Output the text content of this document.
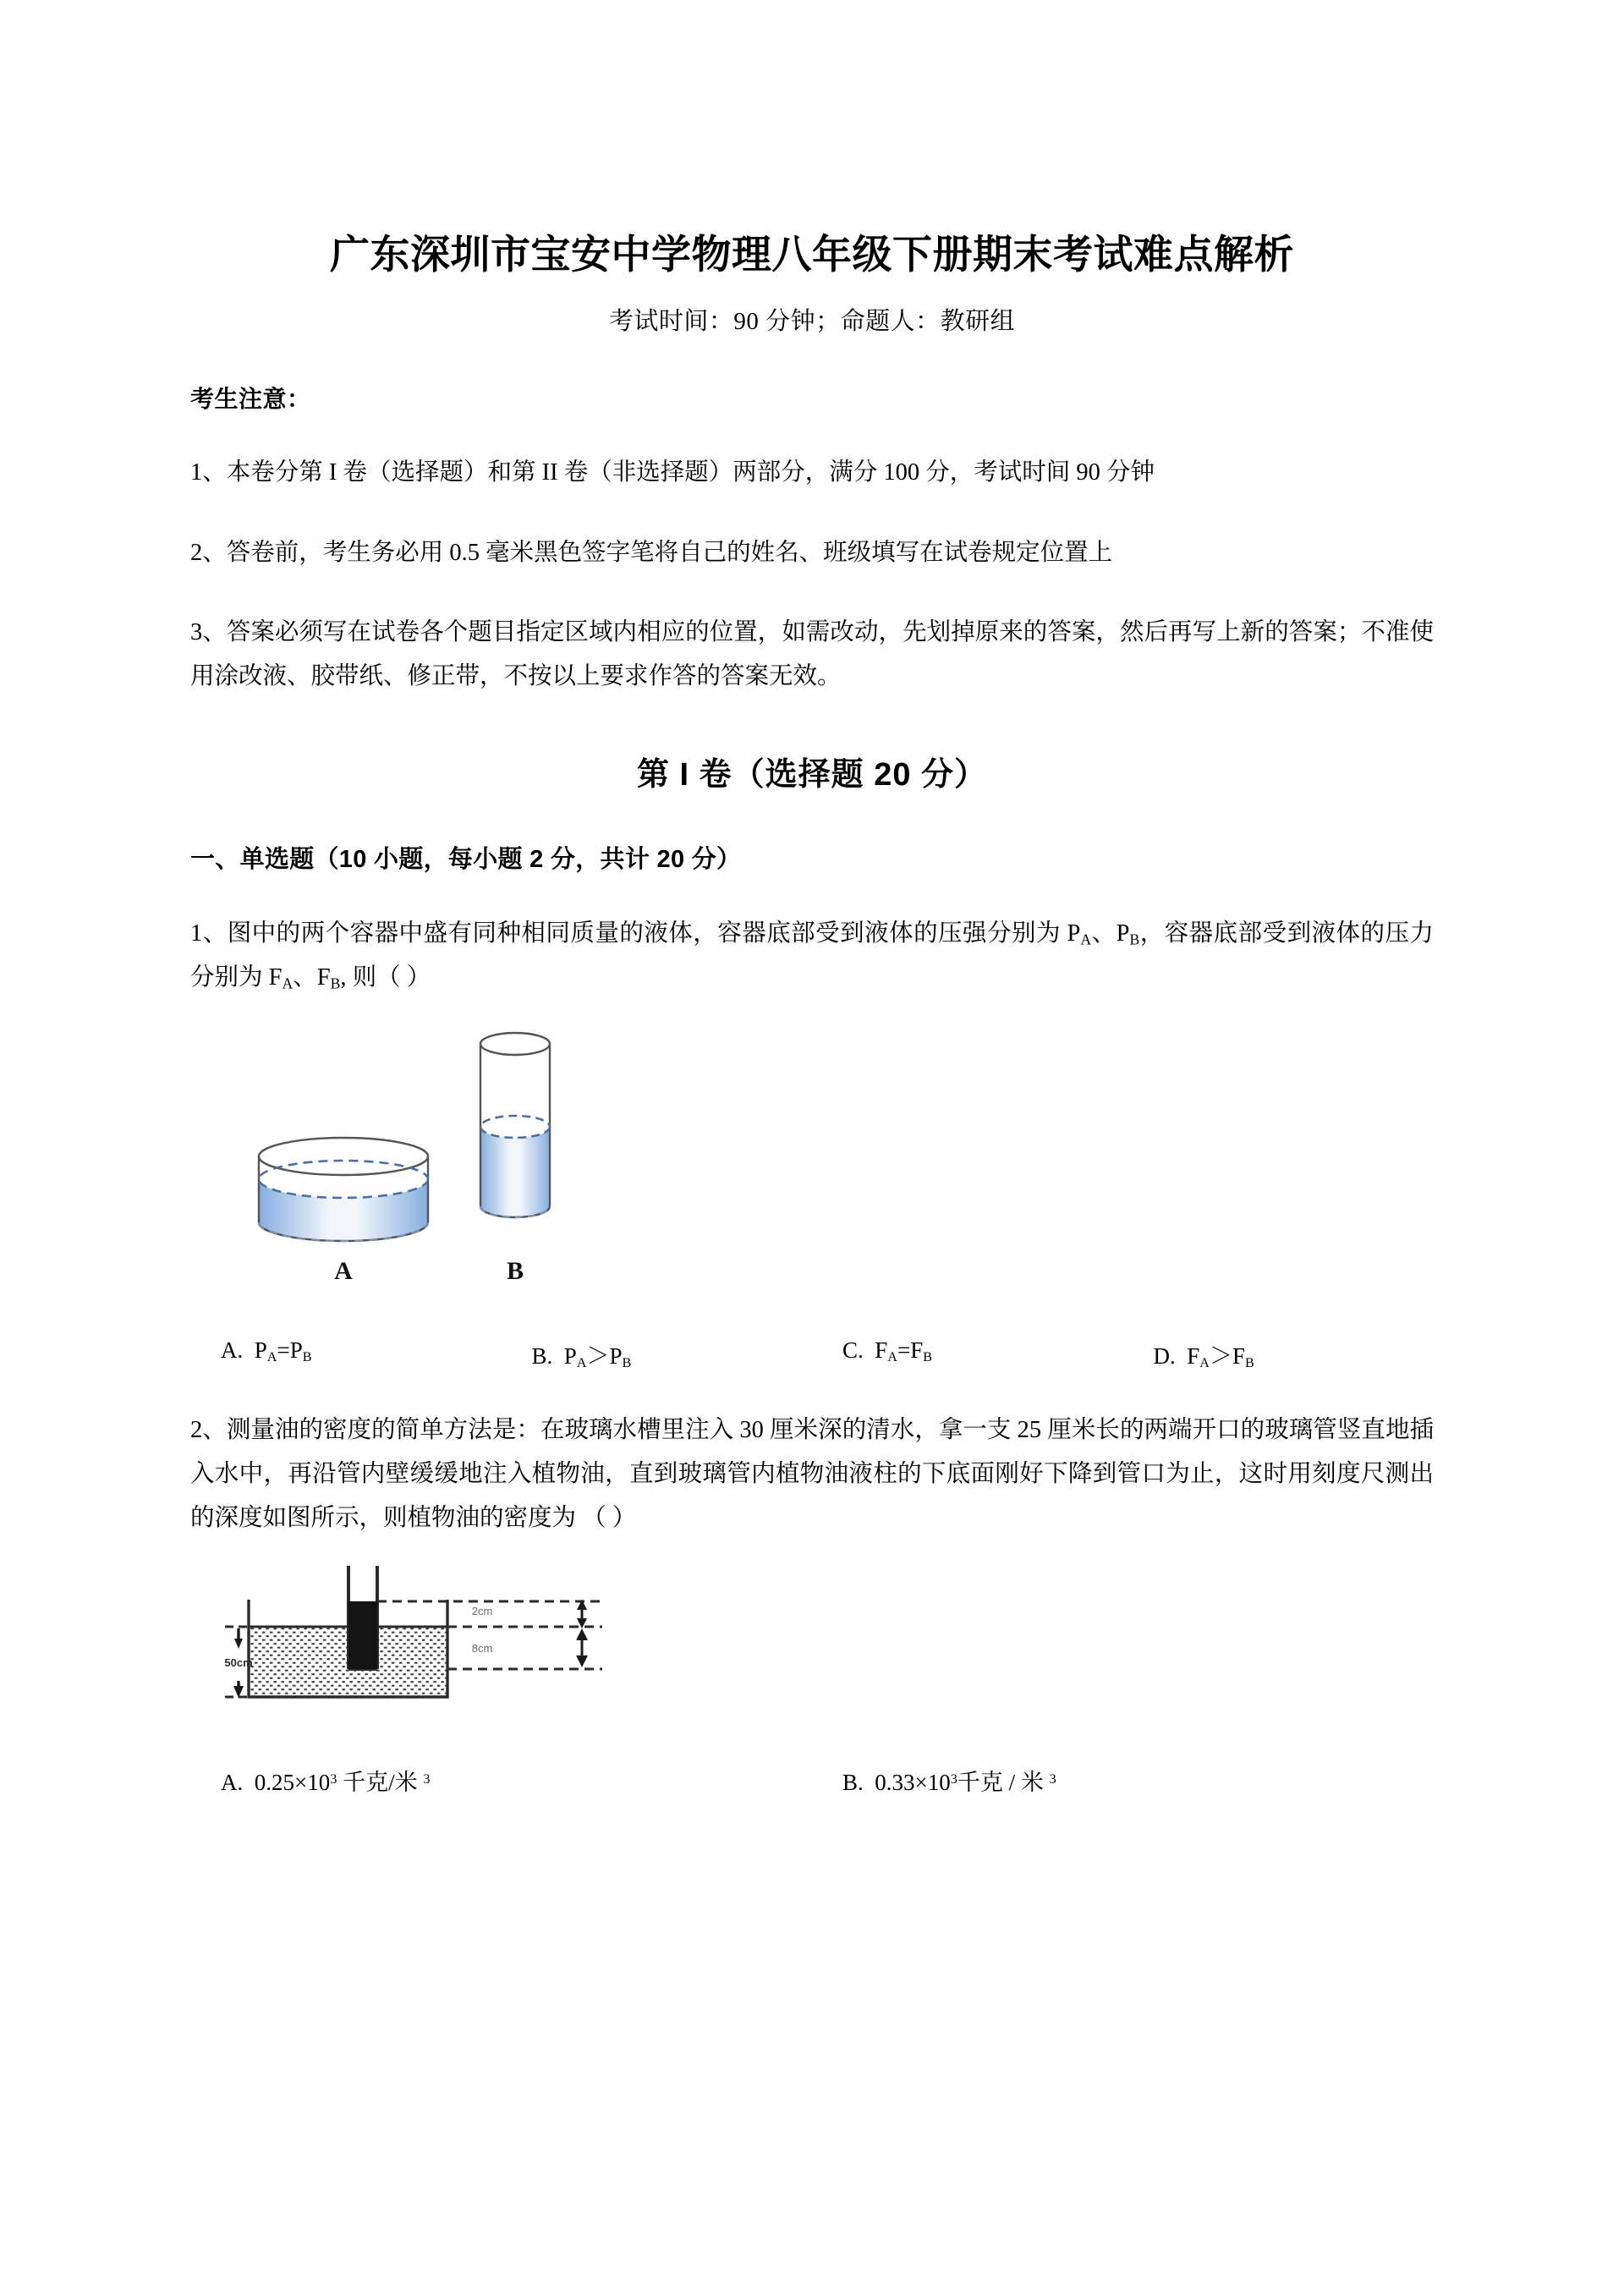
广东深圳市宝安中学物理八年级下册期末考试难点解析

考试时间：90 分钟；命题人：教研组

考生注意：

1、本卷分第 I 卷（选择题）和第 II 卷（非选择题）两部分，满分 100 分，考试时间 90 分钟

2、答卷前，考生务必用 0.5 毫米黑色签字笔将自己的姓名、班级填写在试卷规定位置上

3、答案必须写在试卷各个题目指定区域内相应的位置，如需改动，先划掉原来的答案，然后再写上新的答案；不准使用涂改液、胶带纸、修正带，不按以上要求作答的答案无效。

第 I 卷（选择题 20 分）
一、单选题（10 小题，每小题 2 分，共计 20 分）

1、图中的两个容器中盛有同种相同质量的液体，容器底部受到液体的压强分别为 $P_A$、$P_B$，容器底部受到液体的压力分别为 $F_A$、$F_B$, 则（ ）

A	B
A. $P_A=P_B$	B. $P_A>P_B$
C. $F_A=F_B$	D. $F_A>F_B$

2、测量油的密度的简单方法是：在玻璃水槽里注入 30 厘米深的清水，拿一支 25 厘米长的两端开口的玻璃管竖直地插入水中，再沿管内壁缓缓地注入植物油，直到玻璃管内植物油液柱的下底面刚好下降到管口为止，这时用刻度尺测出的深度如图所示，则植物油的密度为 （ ）

50cm
2cm
8cm
A. $0.25\times 10^3$ 千克/米 $^3$	B. $0.33\times 10^3$千克 / 米 $^3$
